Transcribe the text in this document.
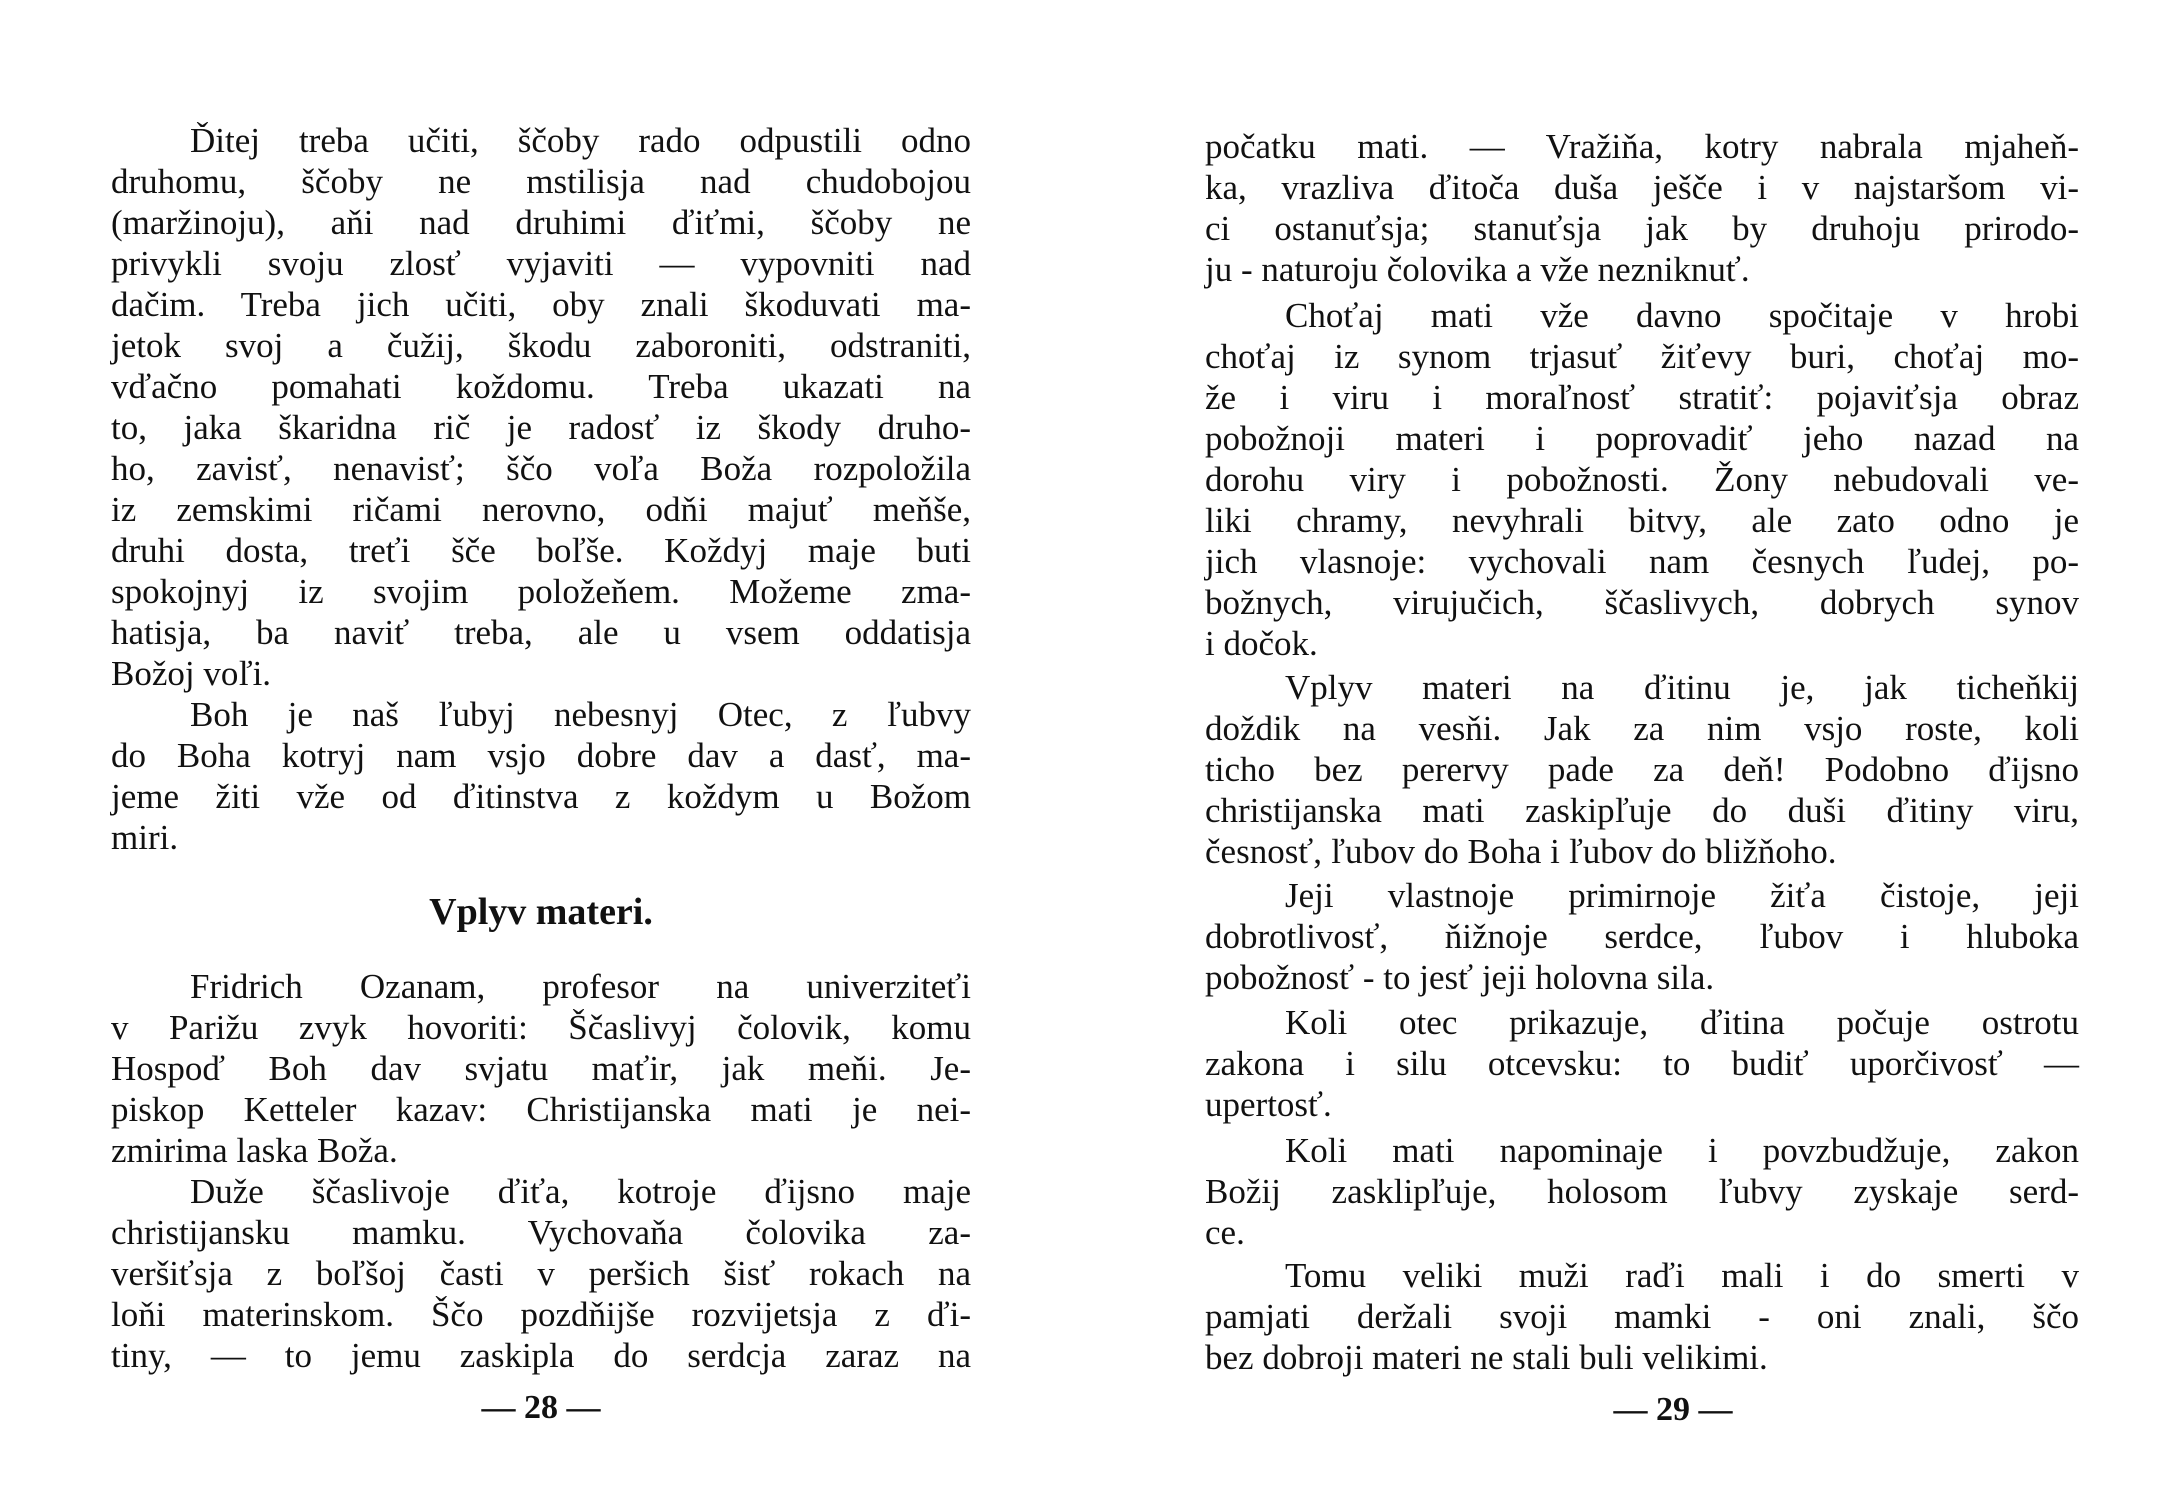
Ďitej treba učiti, ščoby rado odpustili odno
druhomu, ščoby ne mstilisja nad chudobojou
(maržinoju), aňi nad druhimi ďiťmi, ščoby ne
privykli svoju zlosť vyjaviti — vypovniti nad
dačim. Treba jich učiti, oby znali škoduvati ma-
jetok svoj a čužij, škodu zaboroniti, odstraniti,
vďačno pomahati koždomu. Treba ukazati na
to, jaka škaridna rič je radosť iz škody druho-
ho, zavisť, nenavisť; ščo voľa Boža rozpoložila
iz zemskimi ričami nerovno, odňi majuť meňše,
druhi dosta, treťi šče boľše. Koždyj maje buti
spokojnyj iz svojim položeňem. Možeme zma-
hatisja, ba naviť treba, ale u vsem oddatisja
Božoj voľi.
Boh je naš ľubyj nebesnyj Otec, z ľubvy
do Boha kotryj nam vsjo dobre dav a dasť, ma-
jeme žiti vže od ďitinstva z koždym u Božom
miri.
Vplyv materi.
Fridrich Ozanam, profesor na univerziteťi
v Parižu zvyk hovoriti: Ščaslivyj čolovik, komu
Hospoď Boh dav svjatu maťir, jak meňi. Je-
piskop Ketteler kazav: Christijanska mati je nei-
zmirima laska Boža.
Duže ščaslivoje ďiťa, kotroje ďijsno maje
christijansku mamku. Vychovaňa čolovika za-
veršiťsja z boľšoj časti v peršich šisť rokach na
loňi materinskom. Ščo pozdňijše rozvijetsja z ďi-
tiny, — to jemu zaskipla do serdcja zaraz na
— 28 —
počatku mati. — Vražiňa, kotry nabrala mjaheň-
ka, vrazliva ďitoča duša ješče i v najstaršom vi-
ci ostanuťsja; stanuťsja jak by druhoju prirodo-
ju - naturoju čolovika a vže nezniknuť.
Choťaj mati vže davno spočitaje v hrobi
choťaj iz synom trjasuť žiťevy buri, choťaj mo-
že i viru i moraľnosť stratiť: pojaviťsja obraz
pobožnoji materi i poprovadiť jeho nazad na
dorohu viry i pobožnosti. Žony nebudovali ve-
liki chramy, nevyhrali bitvy, ale zato odno je
jich vlasnoje: vychovali nam česnych ľudej, po-
božnych, virujučich, ščaslivych, dobrych synov
i dočok.
Vplyv materi na ďitinu je, jak ticheňkij
doždik na vesňi. Jak za nim vsjo roste, koli
ticho bez perervy pade za deň! Podobno ďijsno
christijanska mati zaskipľuje do duši ďitiny viru,
česnosť, ľubov do Boha i ľubov do bližňoho.
Jeji vlastnoje primirnoje žiťa čistoje, jeji
dobrotlivosť, ňižnoje serdce, ľubov i hluboka
pobožnosť - to jesť jeji holovna sila.
Koli otec prikazuje, ďitina počuje ostrotu
zakona i silu otcevsku: to budiť uporčivosť —
upertosť.
Koli mati napominaje i povzbudžuje, zakon
Božij zasklipľuje, holosom ľubvy zyskaje serd-
ce.
Tomu veliki muži raďi mali i do smerti v
pamjati deržali svoji mamki - oni znali, ščo
bez dobroji materi ne stali buli velikimi.
— 29 —
